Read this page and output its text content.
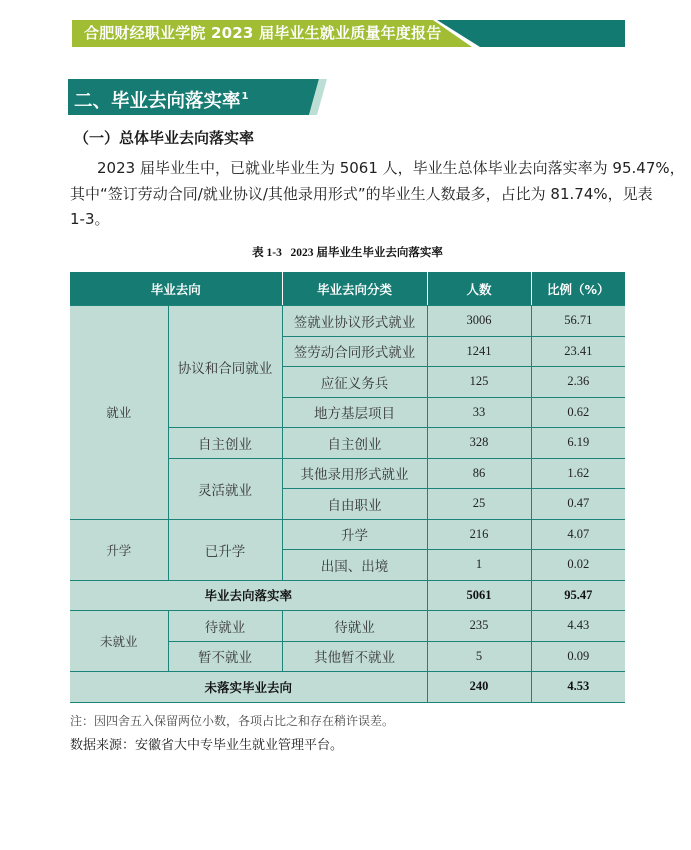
合肥财经职业学院 2023 届毕业生就业质量年度报告
二、毕业去向落实率$^1$
（一）总体毕业去向落实率
2023 届毕业生中，已就业毕业生为 5061 人，毕业生总体毕业去向落实率为 95.47%，
其中“签订劳动合同/就业协议/其他录用形式”的毕业生人数最多，占比为 81.74%，见表
1-3。
表 1-3   2023 届毕业生毕业去向落实率
毕业去向		毕业去向分类	人数	比例（%）
就业	协议和合同就业	签就业协议形式就业	3006	56.71
		签劳动合同形式就业	1241	23.41
		应征义务兵	125	2.36
		地方基层项目	33	0.62
	自主创业	自主创业	328	6.19
	灵活就业	其他录用形式就业	86	1.62
		自由职业	25	0.47
升学	已升学	升学	216	4.07
		出国、出境	1	0.02
毕业去向落实率			5061	95.47
未就业	待就业	待就业	235	4.43
	暂不就业	其他暂不就业	5	0.09
未落实毕业去向			240	4.53
注：因四舍五入保留两位小数，各项占比之和存在稍许误差。
数据来源：安徽省大中专毕业生就业管理平台。
